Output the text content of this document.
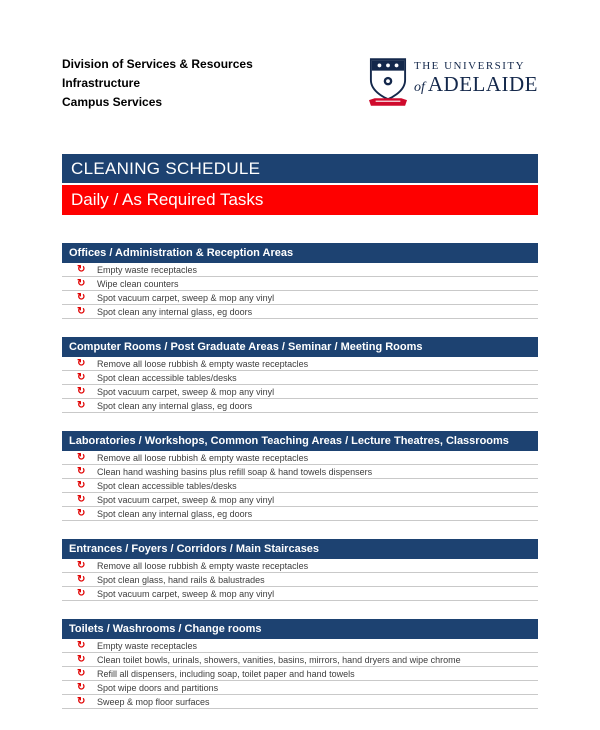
Division of Services & Resources
Infrastructure
Campus Services
THE UNIVERSITY
of ADELAIDE
CLEANING SCHEDULE
Daily / As Required Tasks
Offices / Administration & Reception Areas
↻	Empty waste receptacles
↻	Wipe clean counters
↻	Spot vacuum carpet, sweep & mop any vinyl
↻	Spot clean any internal glass, eg doors
Computer Rooms / Post Graduate Areas / Seminar / Meeting Rooms
↻	Remove all loose rubbish & empty waste receptacles
↻	Spot clean accessible tables/desks
↻	Spot vacuum carpet, sweep & mop any vinyl
↻	Spot clean any internal glass, eg doors
Laboratories / Workshops, Common Teaching Areas / Lecture Theatres, Classrooms
↻	Remove all loose rubbish & empty waste receptacles
↻	Clean hand washing basins plus refill soap & hand towels dispensers
↻	Spot clean accessible tables/desks
↻	Spot vacuum carpet, sweep & mop any vinyl
↻	Spot clean any internal glass, eg doors
Entrances / Foyers / Corridors / Main Staircases
↻	Remove all loose rubbish & empty waste receptacles
↻	Spot clean glass, hand rails & balustrades
↻	Spot vacuum carpet, sweep & mop any vinyl
Toilets / Washrooms / Change rooms
↻	Empty waste receptacles
↻	Clean toilet bowls, urinals, showers, vanities, basins, mirrors, hand dryers and wipe chrome
↻	Refill all dispensers, including soap, toilet paper and hand towels
↻	Spot wipe doors and partitions
↻	Sweep & mop floor surfaces
